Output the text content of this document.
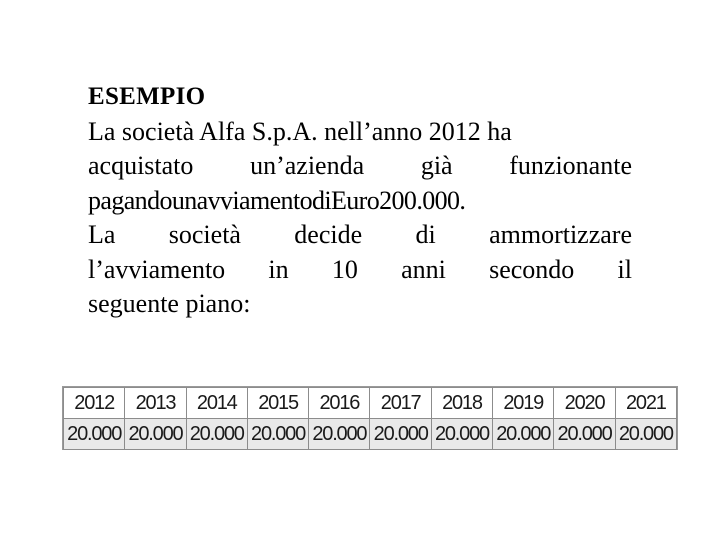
ESEMPIO
La società Alfa S.p.A. nell’anno 2012 ha
acquistato un’azienda già funzionante
pagandounavviamentodiEuro200.000.
La società decide di ammortizzare
l’avviamento in 10 anni secondo il
seguente piano:
2012	2013	2014	2015	2016	2017	2018	2019	2020	2021
20.000	20.000	20.000	20.000	20.000	20.000	20.000	20.000	20.000	20.000
